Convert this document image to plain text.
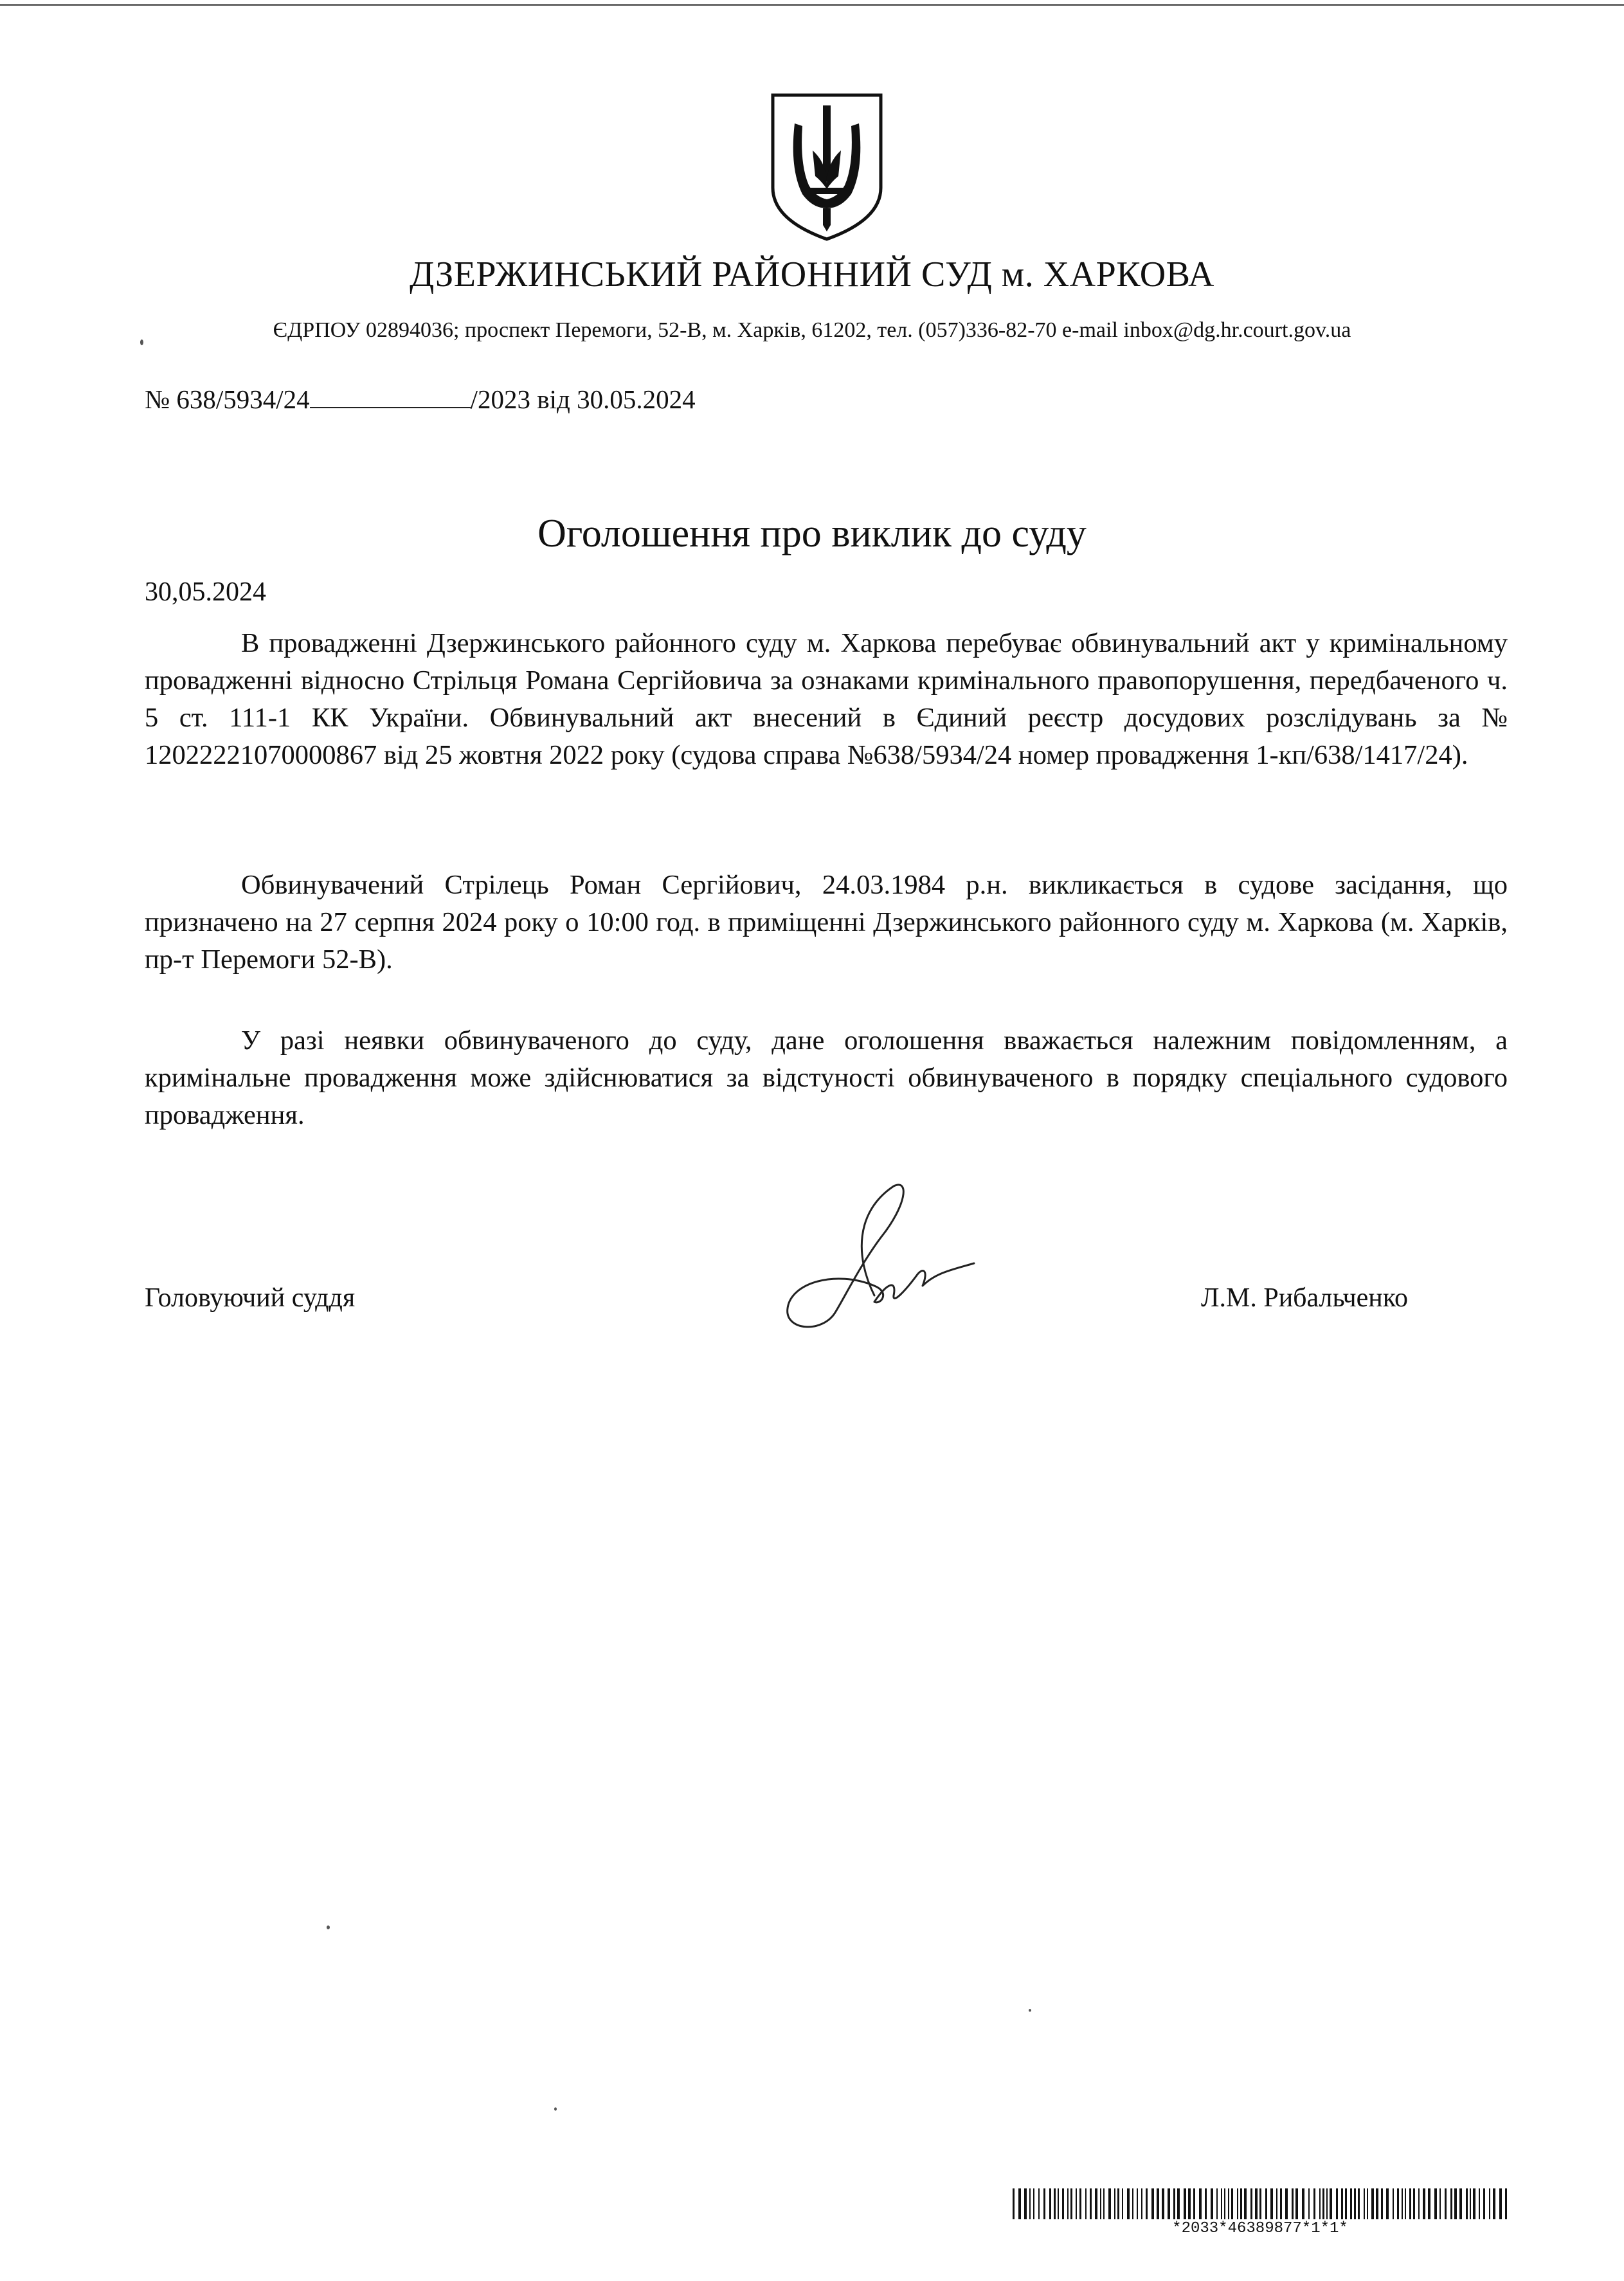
ДЗЕРЖИНСЬКИЙ РАЙОННИЙ СУД м. ХАРКОВА
ЄДРПОУ 02894036; проспект Перемоги, 52-В, м. Харків, 61202, тел. (057)336-82-70 e-mail inbox@dg.hr.court.gov.ua
№ 638/5934/24	/2023 від 30.05.2024
Оголошення про виклик до суду
30,05.2024

В провадженні Дзержинського районного суду м. Харкова перебуває обвинувальний акт у кримінальному провадженні відносно Стрільця Романа Сергійовича за ознаками кримінального правопорушення, передбаченого ч. 5 ст. 111-1 КК України. Обвинувальний акт внесений в Єдиний реєстр досудових розслідувань за № 12022221070000867 від 25 жовтня 2022 року (судова справа №638/5934/24 номер провадження 1-кп/638/1417/24).

Обвинувачений Стрілець Роман Сергійович, 24.03.1984 р.н. викликається в судове засідання, що призначено на 27 серпня 2024 року о 10:00 год. в приміщенні Дзержинського районного суду м. Харкова (м. Харків, пр-т Перемоги 52-В).

У разі неявки обвинуваченого до суду, дане оголошення вважається належним повідомленням, а кримінальне провадження може здійснюватися за відстуності обвинуваченого в порядку спеціального судового провадження.

Головуючий суддя	Л.М. Рибальченко
*2033*46389877*1*1*
